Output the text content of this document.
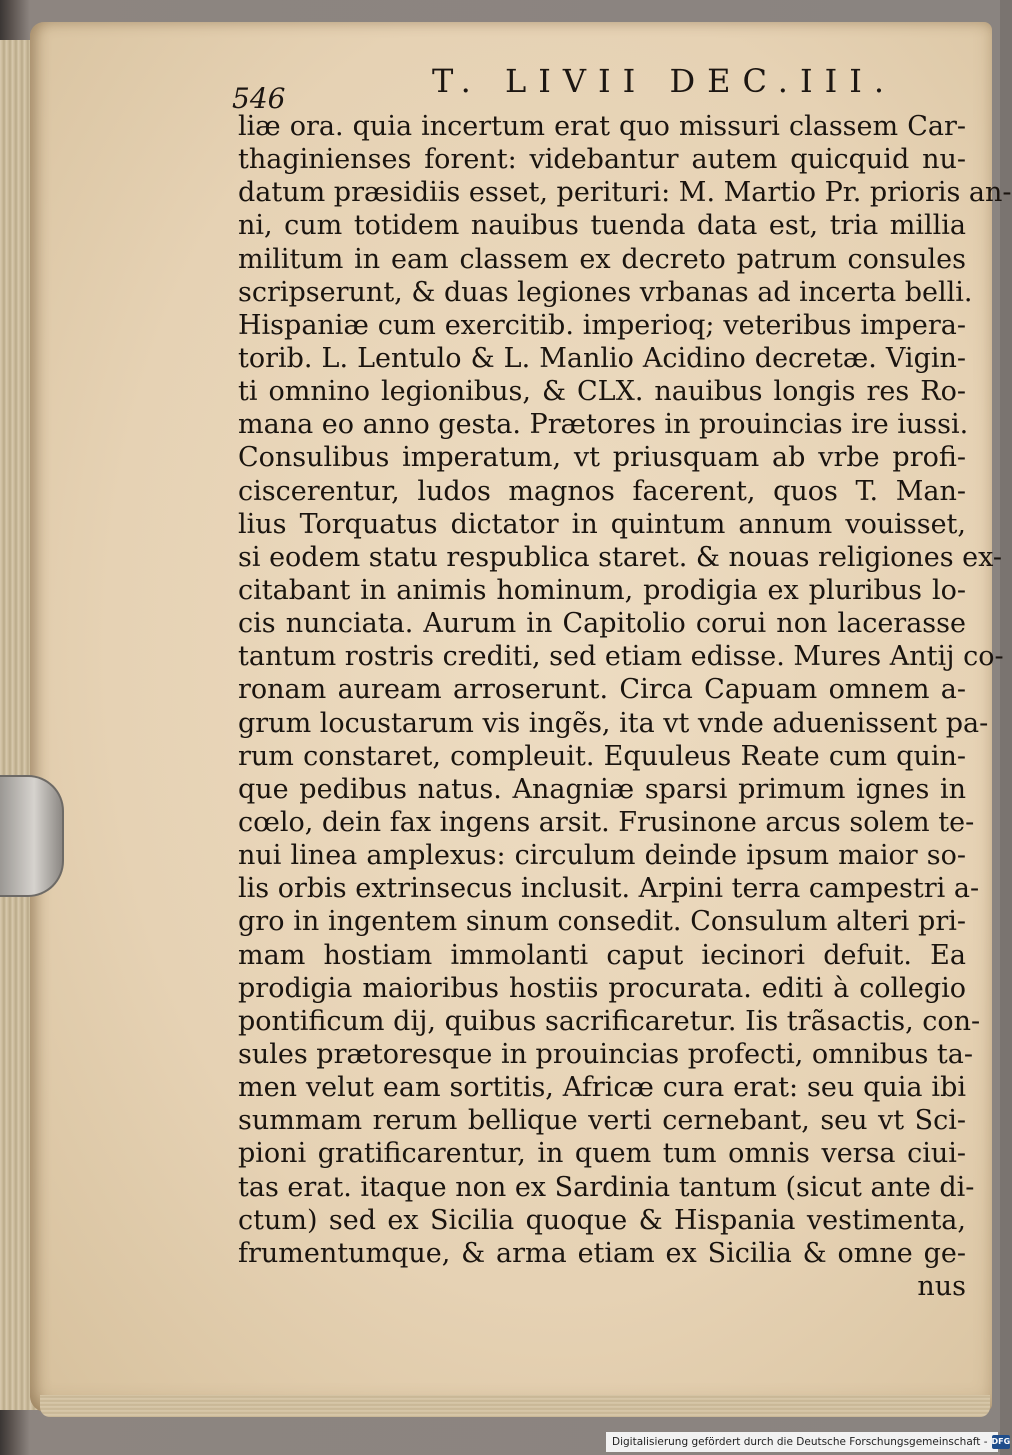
546	T. LIVII DEC.III.
liæ ora. quia incertum erat quo missuri classem Car-
thaginienses forent: videbantur autem quicquid nu-
datum præsidiis esset, perituri: M. Martio Pr. prioris an-
ni, cum totidem nauibus tuenda data est, tria millia
militum in eam classem ex decreto patrum consules
scripserunt, & duas legiones vrbanas ad incerta belli.
Hispaniæ cum exercitib. imperioq; veteribus impera-
torib. L. Lentulo & L. Manlio Acidino decretæ. Vigin-
ti omnino legionibus, & CLX. nauibus longis res Ro-
mana eo anno gesta. Prætores in prouincias ire iussi.
Consulibus imperatum, vt priusquam ab vrbe profi-
ciscerentur, ludos magnos facerent, quos T. Man-
lius Torquatus dictator in quintum annum vouisset,
si eodem statu respublica staret. & nouas religiones ex-
citabant in animis hominum, prodigia ex pluribus lo-
cis nunciata. Aurum in Capitolio corui non lacerasse
tantum rostris crediti, sed etiam edisse. Mures Antij co-
ronam auream arroserunt. Circa Capuam omnem a-
grum locustarum vis ingẽs, ita vt vnde aduenissent pa-
rum constaret, compleuit. Equuleus Reate cum quin-
que pedibus natus. Anagniæ sparsi primum ignes in
cœlo, dein fax ingens arsit. Frusinone arcus solem te-
nui linea amplexus: circulum deinde ipsum maior so-
lis orbis extrinsecus inclusit. Arpini terra campestri a-
gro in ingentem sinum consedit. Consulum alteri pri-
mam hostiam immolanti caput iecinori defuit. Ea
prodigia maioribus hostiis procurata. editi à collegio
pontificum dij, quibus sacrificaretur. Iis trãsactis, con-
sules prætoresque in prouincias profecti, omnibus ta-
men velut eam sortitis, Africæ cura erat: seu quia ibi
summam rerum bellique verti cernebant, seu vt Sci-
pioni gratificarentur, in quem tum omnis versa ciui-
tas erat. itaque non ex Sardinia tantum (sicut ante di-
ctum) sed ex Sicilia quoque & Hispania vestimenta,
frumentumque, & arma etiam ex Sicilia & omne ge-
nus
Digitalisierung gefördert durch die Deutsche Forschungsgemeinschaft - DFG
